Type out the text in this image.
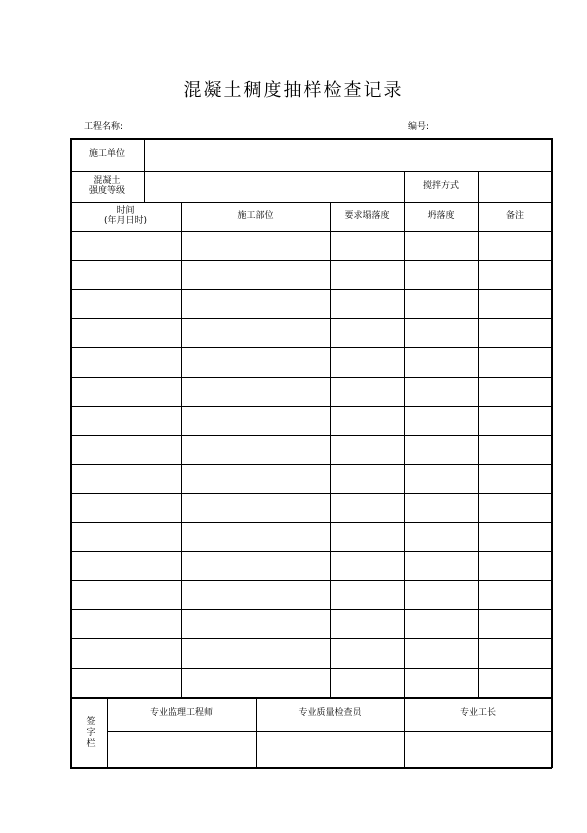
混凝土稠度抽样检查记录
工程名称:	编号:
施工单位
混凝土
强度等级	搅拌方式
时间
(年月日时)	施工部位	要求塌落度	坍落度	备注
签字栏
专业监理工程师	专业质量检查员	专业工长
